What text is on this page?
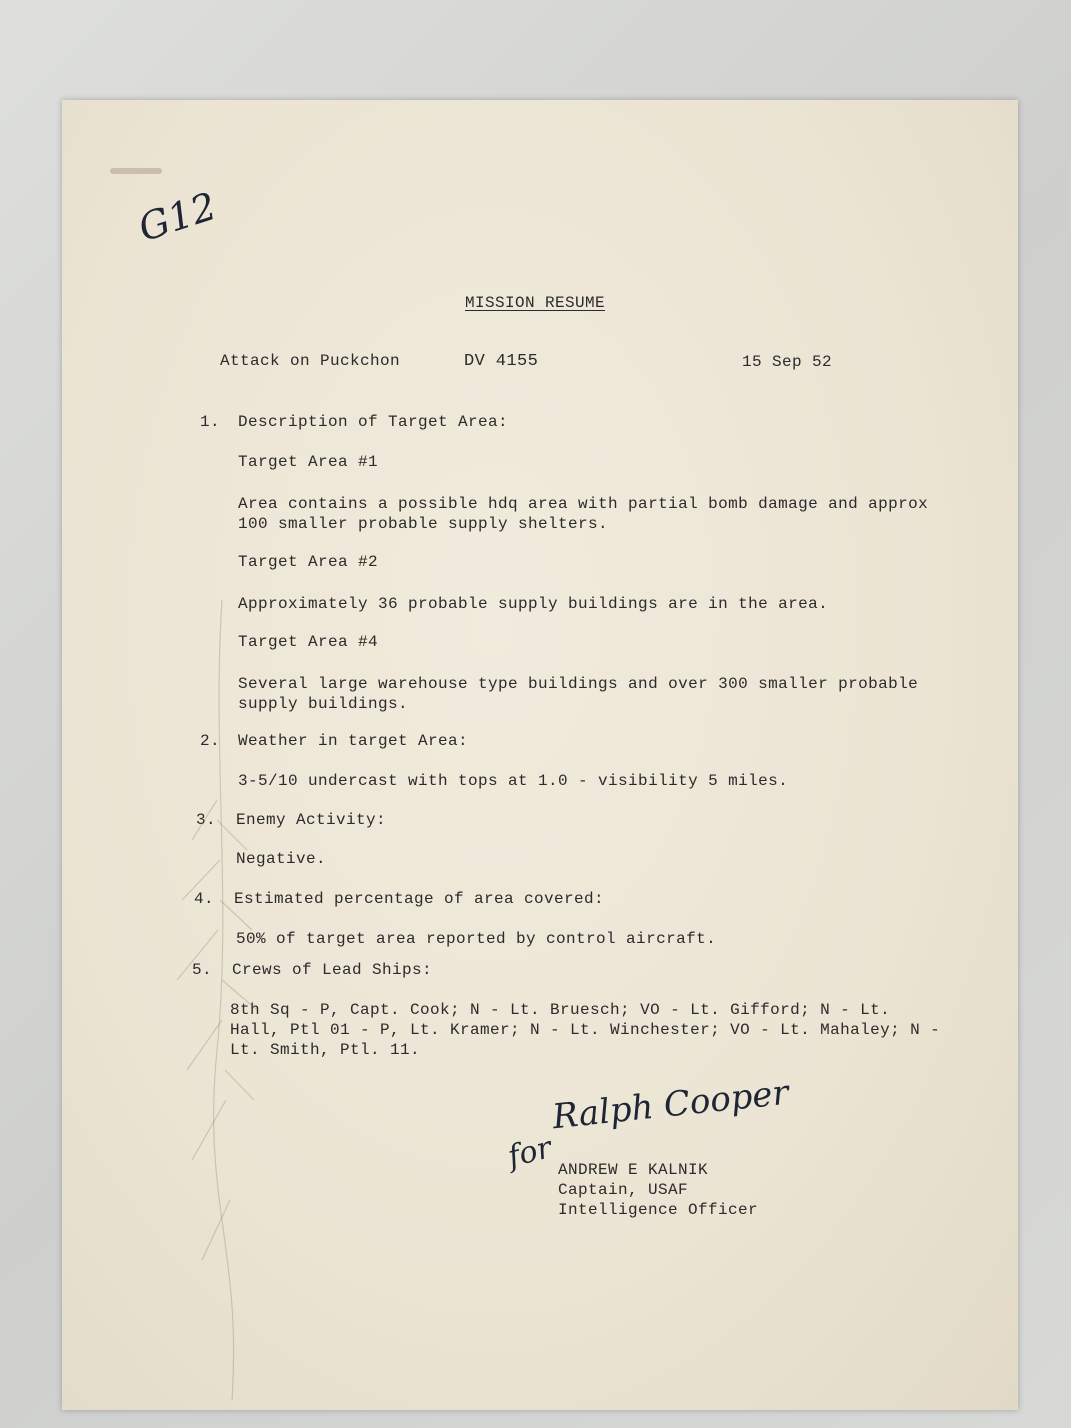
G12
MISSION RESUME
Attack on Puckchon	DV 4155	15 Sep 52
1. Description of Target Area:
Target Area #1
Area contains a possible hdq area with partial bomb damage and approx 100 smaller probable supply shelters.
Target Area #2
Approximately 36 probable supply buildings are in the area.
Target Area #4
Several large warehouse type buildings and over 300 smaller probable supply buildings.
2. Weather in target Area:
3-5/10 undercast with tops at 1.0 - visibility 5 miles.
3. Enemy Activity:
Negative.
4. Estimated percentage of area covered:
50% of target area reported by control aircraft.
5. Crews of Lead Ships:
8th Sq - P, Capt. Cook; N - Lt. Bruesch; VO - Lt. Gifford; N - Lt. Hall, Ptl 01 - P, Lt. Kramer; N - Lt. Winchester; VO - Lt. Mahaley; N - Lt. Smith, Ptl. 11.
Ralph Cooper
for ANDREW E KALNIK
Captain, USAF
Intelligence Officer
